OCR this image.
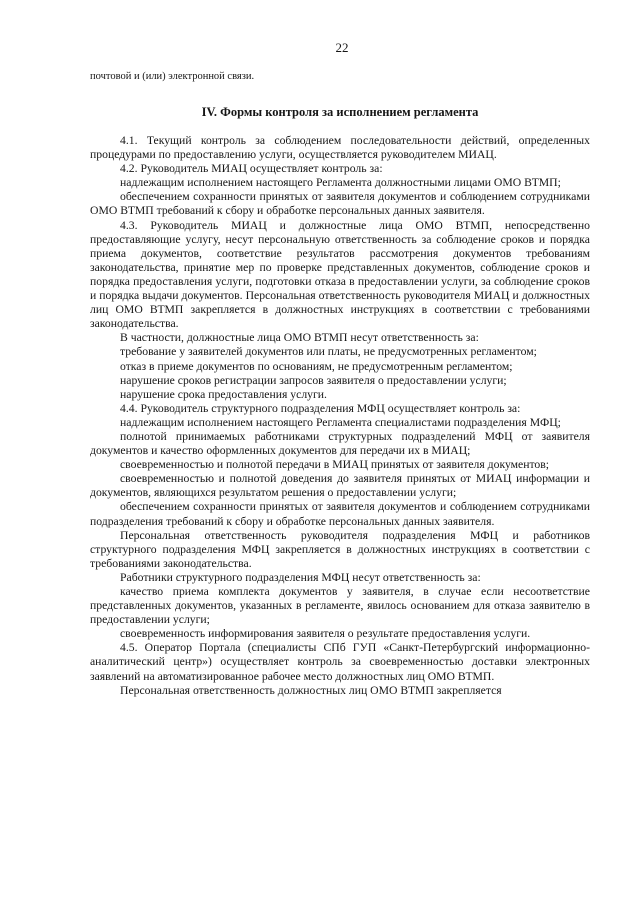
22

почтовой и (или) электронной связи.

IV. Формы контроля за исполнением регламента

4.1. Текущий контроль за соблюдением последовательности действий, определенных процедурами по предоставлению услуги, осуществляется руководителем МИАЦ.

4.2. Руководитель МИАЦ осуществляет контроль за:

надлежащим исполнением настоящего Регламента должностными лицами ОМО ВТМП;

обеспечением сохранности принятых от заявителя документов и соблюдением сотрудниками ОМО ВТМП требований к сбору и обработке персональных данных заявителя.

4.3. Руководитель МИАЦ и должностные лица ОМО ВТМП, непосредственно предоставляющие услугу, несут персональную ответственность за соблюдение сроков и порядка приема документов, соответствие результатов рассмотрения документов требованиям законодательства, принятие мер по проверке представленных документов, соблюдение сроков и порядка предоставления услуги, подготовки отказа в предоставлении услуги, за соблюдение сроков и порядка выдачи документов. Персональная ответственность руководителя МИАЦ и должностных лиц ОМО ВТМП закрепляется в должностных инструкциях в соответствии с требованиями законодательства.

В частности, должностные лица ОМО ВТМП несут ответственность за:

требование у заявителей документов или платы, не предусмотренных регламентом;

отказ в приеме документов по основаниям, не предусмотренным регламентом;

нарушение сроков регистрации запросов заявителя о предоставлении услуги;

нарушение срока предоставления услуги.

4.4. Руководитель структурного подразделения МФЦ осуществляет контроль за:

надлежащим исполнением настоящего Регламента специалистами подразделения МФЦ;

полнотой принимаемых работниками структурных подразделений МФЦ от заявителя документов и качество оформленных документов для передачи их в МИАЦ;

своевременностью и полнотой передачи в МИАЦ принятых от заявителя документов;

своевременностью и полнотой доведения до заявителя принятых от МИАЦ информации и документов, являющихся результатом решения о предоставлении услуги;

обеспечением сохранности принятых от заявителя документов и соблюдением сотрудниками подразделения требований к сбору и обработке персональных данных заявителя.

Персональная ответственность руководителя подразделения МФЦ и работников структурного подразделения МФЦ закрепляется в должностных инструкциях в соответствии с требованиями законодательства.

Работники структурного подразделения МФЦ несут ответственность за:

качество приема комплекта документов у заявителя, в случае если несоответствие представленных документов, указанных в регламенте, явилось основанием для отказа заявителю в предоставлении услуги;

своевременность информирования заявителя о результате предоставления услуги.

4.5. Оператор Портала (специалисты СПб ГУП «Санкт-Петербургский информационно-аналитический центр») осуществляет контроль за своевременностью доставки электронных заявлений на автоматизированное рабочее место должностных лиц ОМО ВТМП.

Персональная ответственность должностных лиц ОМО ВТМП закрепляется
